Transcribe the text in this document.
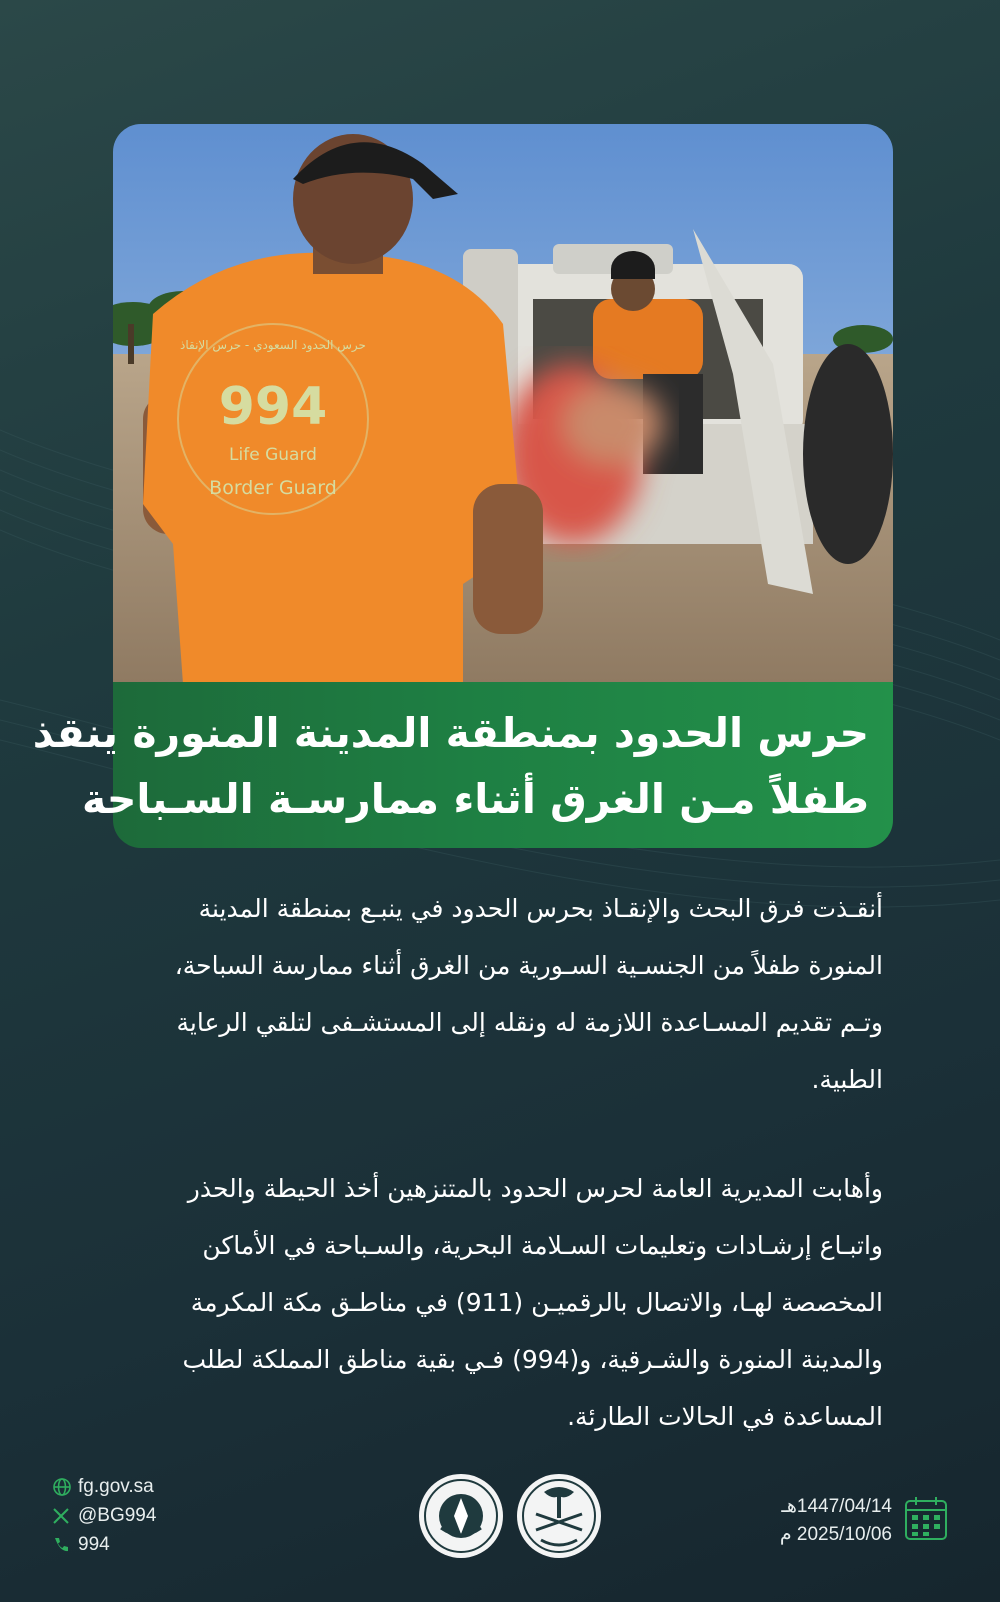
994
Life Guard
Border Guard
حرس الحدود السعودي - حرس الإنقاذ
حرس الحدود بمنطقة المدينة المنورة ينقذ
طفلاً مـن الغرق أثناء ممارسـة السـباحة
أنقـذت فرق البحث والإنقـاذ بحرس الحدود في ينبـع بمنطقة المدينة
المنورة طفلاً من الجنسـية السـورية من الغرق أثناء ممارسة السباحة،
وتـم تقديم المسـاعدة اللازمة له ونقله إلى المستشـفى لتلقي الرعاية
الطبية.
وأهابت المديرية العامة لحرس الحدود بالمتنزهين أخذ الحيطة والحذر
واتبـاع إرشـادات وتعليمات السـلامة البحرية، والسـباحة في الأماكن
المخصصة لهـا، والاتصال بالرقميـن (911) في مناطـق مكة المكرمة
والمدينة المنورة والشـرقية، و(994) فـي بقية مناطق المملكة لطلب
المساعدة في الحالات الطارئة.
fg.gov.sa
@BG994
994
1447/04/14هـ
2025/10/06 م
